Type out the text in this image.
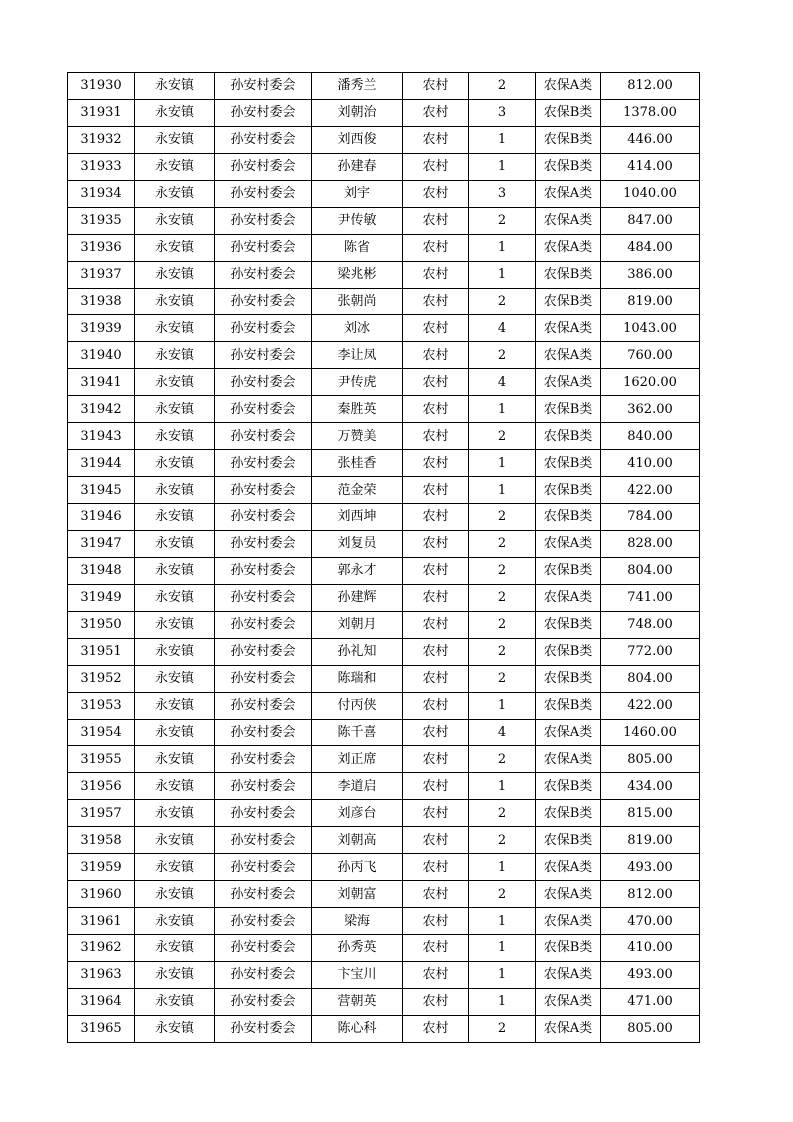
31930	永安镇	孙安村委会	潘秀兰	农村	2	农保A类	812.00
31931	永安镇	孙安村委会	刘朝治	农村	3	农保B类	1378.00
31932	永安镇	孙安村委会	刘西俊	农村	1	农保B类	446.00
31933	永安镇	孙安村委会	孙建春	农村	1	农保B类	414.00
31934	永安镇	孙安村委会	刘宇	农村	3	农保A类	1040.00
31935	永安镇	孙安村委会	尹传敏	农村	2	农保A类	847.00
31936	永安镇	孙安村委会	陈省	农村	1	农保A类	484.00
31937	永安镇	孙安村委会	梁兆彬	农村	1	农保B类	386.00
31938	永安镇	孙安村委会	张朝尚	农村	2	农保B类	819.00
31939	永安镇	孙安村委会	刘冰	农村	4	农保A类	1043.00
31940	永安镇	孙安村委会	李让凤	农村	2	农保A类	760.00
31941	永安镇	孙安村委会	尹传虎	农村	4	农保A类	1620.00
31942	永安镇	孙安村委会	秦胜英	农村	1	农保B类	362.00
31943	永安镇	孙安村委会	万赞美	农村	2	农保B类	840.00
31944	永安镇	孙安村委会	张桂香	农村	1	农保B类	410.00
31945	永安镇	孙安村委会	范金荣	农村	1	农保B类	422.00
31946	永安镇	孙安村委会	刘西坤	农村	2	农保B类	784.00
31947	永安镇	孙安村委会	刘复员	农村	2	农保A类	828.00
31948	永安镇	孙安村委会	郭永才	农村	2	农保B类	804.00
31949	永安镇	孙安村委会	孙建辉	农村	2	农保A类	741.00
31950	永安镇	孙安村委会	刘朝月	农村	2	农保B类	748.00
31951	永安镇	孙安村委会	孙礼知	农村	2	农保B类	772.00
31952	永安镇	孙安村委会	陈瑞和	农村	2	农保B类	804.00
31953	永安镇	孙安村委会	付丙侠	农村	1	农保B类	422.00
31954	永安镇	孙安村委会	陈千喜	农村	4	农保A类	1460.00
31955	永安镇	孙安村委会	刘正席	农村	2	农保A类	805.00
31956	永安镇	孙安村委会	李道启	农村	1	农保B类	434.00
31957	永安镇	孙安村委会	刘彦台	农村	2	农保B类	815.00
31958	永安镇	孙安村委会	刘朝高	农村	2	农保B类	819.00
31959	永安镇	孙安村委会	孙丙飞	农村	1	农保A类	493.00
31960	永安镇	孙安村委会	刘朝富	农村	2	农保A类	812.00
31961	永安镇	孙安村委会	梁海	农村	1	农保A类	470.00
31962	永安镇	孙安村委会	孙秀英	农村	1	农保B类	410.00
31963	永安镇	孙安村委会	卞宝川	农村	1	农保A类	493.00
31964	永安镇	孙安村委会	营朝英	农村	1	农保A类	471.00
31965	永安镇	孙安村委会	陈心科	农村	2	农保A类	805.00
